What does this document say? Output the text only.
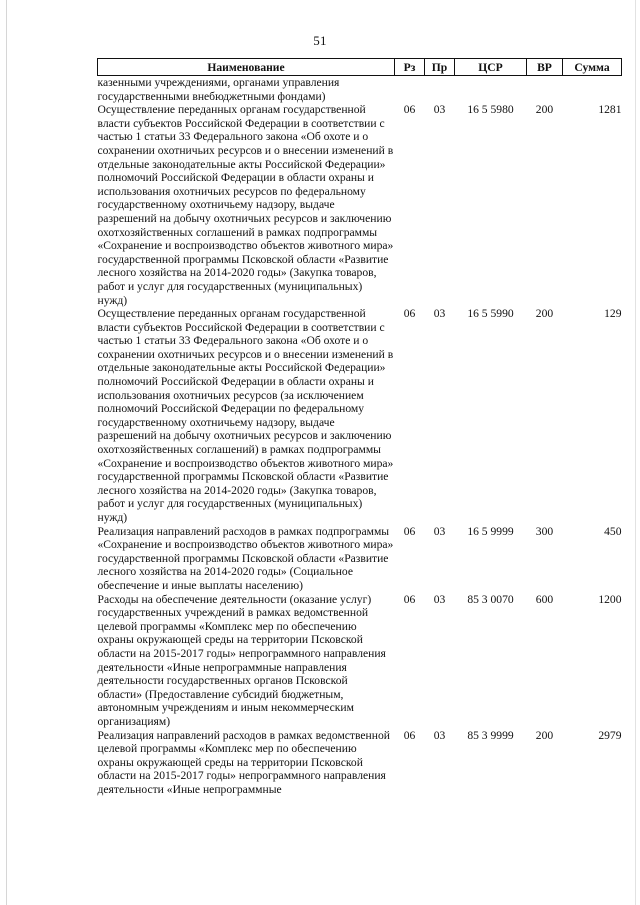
51
Наименование	Рз	Пр	ЦСР	ВР	Сумма
казенными учреждениями, органами управления государственными внебюджетными фондами)					
Осуществление переданных органам государственной власти субъектов Российской Федерации в соответствии с частью 1 статьи 33 Федерального закона «Об охоте и о сохранении охотничьих ресурсов и о внесении изменений в отдельные законодательные акты Российской Федерации» полномочий Российской Федерации в области охраны и использования охотничьих ресурсов по федеральному государственному охотничьему надзору, выдаче разрешений на добычу охотничьих ресурсов и заключению охотхозяйственных соглашений в рамках подпрограммы «Сохранение и воспроизводство объектов животного мира» государственной программы Псковской области «Развитие лесного хозяйства на 2014-2020 годы» (Закупка товаров, работ и услуг для государственных (муниципальных) нужд)	06	03	16 5 5980	200	1281
Осуществление переданных органам государственной власти субъектов Российской Федерации в соответствии с частью 1 статьи 33 Федерального закона «Об охоте и о сохранении охотничьих ресурсов и о внесении изменений в отдельные законодательные акты Российской Федерации» полномочий Российской Федерации в области охраны и использования охотничьих ресурсов (за исключением полномочий Российской Федерации по федеральному государственному охотничьему надзору, выдаче разрешений на добычу охотничьих ресурсов и заключению охотхозяйственных соглашений) в рамках подпрограммы «Сохранение и воспроизводство объектов животного мира» государственной программы Псковской области «Развитие лесного хозяйства на 2014-2020 годы» (Закупка товаров, работ и услуг для государственных (муниципальных) нужд)	06	03	16 5 5990	200	129
Реализация направлений расходов в рамках подпрограммы «Сохранение и воспроизводство объектов животного мира» государственной программы Псковской области «Развитие лесного хозяйства на 2014-2020 годы» (Социальное обеспечение и иные выплаты населению)	06	03	16 5 9999	300	450
Расходы на обеспечение деятельности (оказание услуг) государственных учреждений в рамках ведомственной целевой программы «Комплекс мер по обеспечению охраны окружающей среды на территории Псковской области на 2015-2017 годы» непрограммного направления деятельности «Иные непрограммные направления деятельности государственных органов Псковской области» (Предоставление субсидий бюджетным, автономным учреждениям и иным некоммерческим организациям)	06	03	85 3 0070	600	1200
Реализация направлений расходов в рамках ведомственной целевой программы «Комплекс мер по обеспечению охраны окружающей среды на территории Псковской области на 2015-2017 годы» непрограммного направления деятельности «Иные непрограммные	06	03	85 3 9999	200	2979
